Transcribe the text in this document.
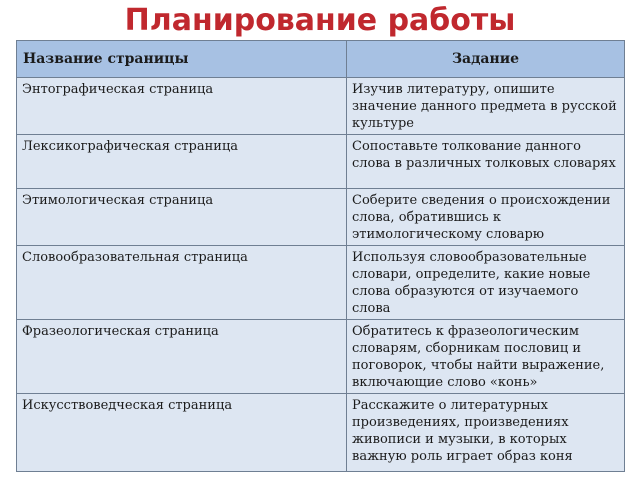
Планирование работы
Название страницы	Задание
Энтографическая страница	Изучив литературу, опишите значение данного предмета в русской культуре
Лексикографическая страница	Сопоставьте толкование данного слова в различных толковых словарях
Этимологическая страница	Соберите сведения о происхождении слова, обратившись к этимологическому словарю
Словообразовательная страница	Используя словообразовательные словари, определите, какие новые слова образуются от изучаемого слова
Фразеологическая страница	Обратитесь к фразеологическим словарям, сборникам пословиц и поговорок, чтобы найти выражение, включающие слово «конь»
Искусствоведческая страница	Расскажите о литературных произведениях, произведениях живописи и музыки, в которых важную роль играет образ коня
